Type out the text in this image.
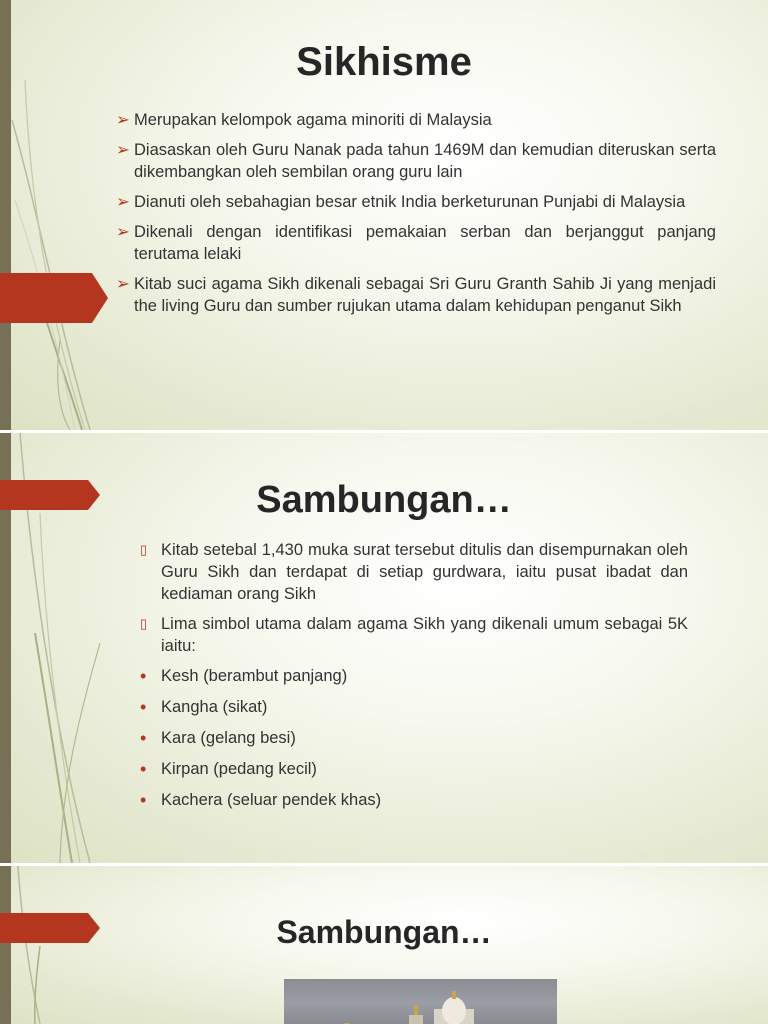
Sikhisme
➢ Merupakan kelompok agama minoriti di Malaysia
➢ Diasaskan oleh Guru Nanak pada tahun 1469M dan kemudian diteruskan serta dikembangkan oleh sembilan orang guru lain
➢ Dianuti oleh sebahagian besar etnik India berketurunan Punjabi di Malaysia
➢ Dikenali dengan identifikasi pemakaian serban dan berjanggut panjang terutama lelaki
➢ Kitab suci agama Sikh dikenali sebagai Sri Guru Granth Sahib Ji yang menjadi the living Guru dan sumber rujukan utama dalam kehidupan penganut Sikh
Sambungan…
▯ Kitab setebal 1,430 muka surat tersebut ditulis dan disempurnakan oleh Guru Sikh dan terdapat di setiap gurdwara, iaitu pusat ibadat dan kediaman orang Sikh
▯ Lima simbol utama dalam agama Sikh yang dikenali umum sebagai 5K iaitu:
• Kesh (berambut panjang)
• Kangha (sikat)
• Kara (gelang besi)
• Kirpan (pedang kecil)
• Kachera (seluar pendek khas)
Sambungan…
